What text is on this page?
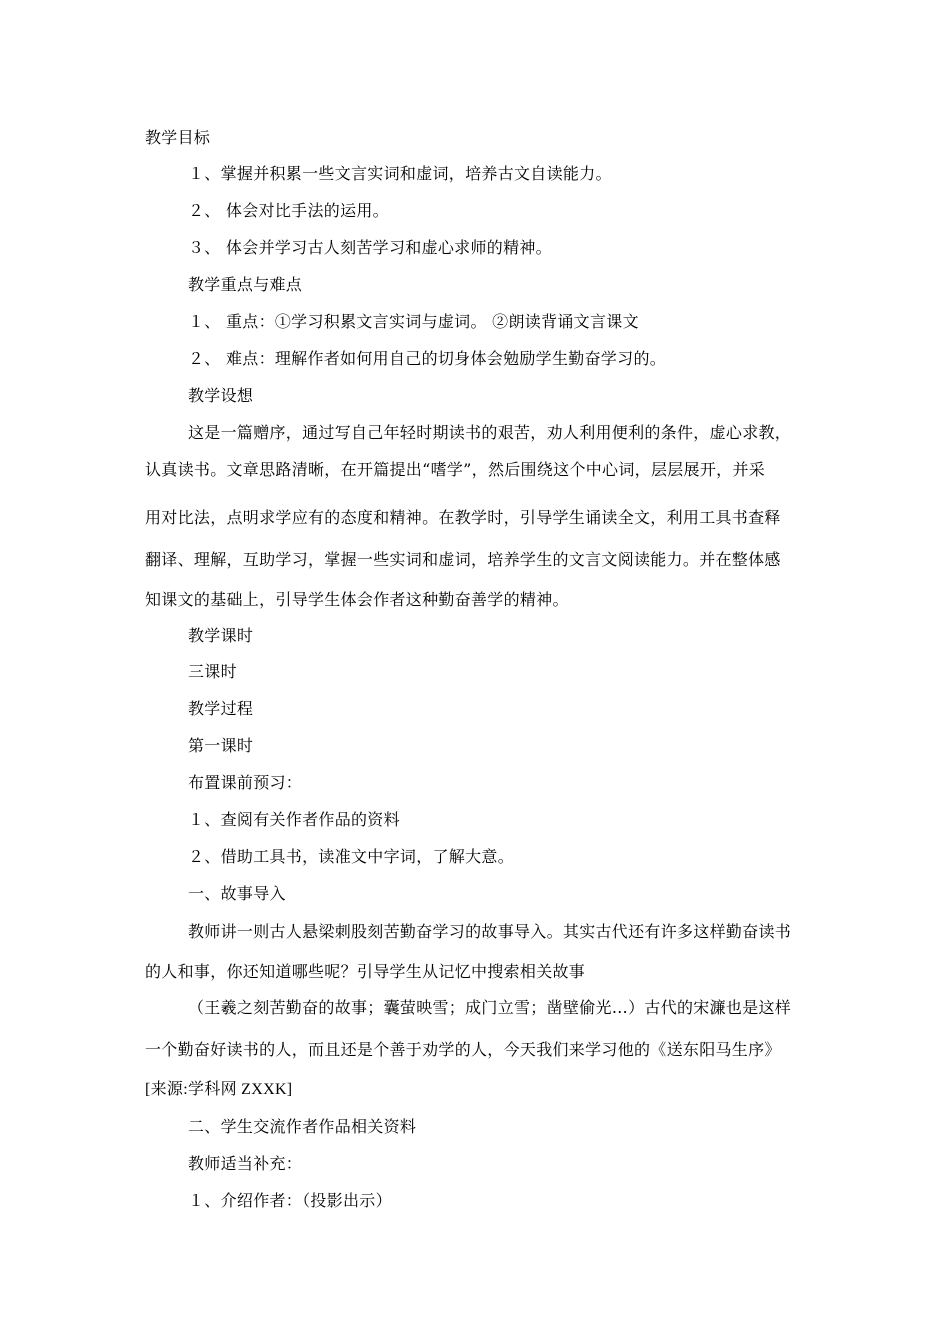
教学目标
１、掌握并积累一些文言实词和虚词，培养古文自读能力。
２、 体会对比手法的运用。
３、 体会并学习古人刻苦学习和虚心求师的精神。
教学重点与难点
１、 重点：①学习积累文言实词与虚词。 ②朗读背诵文言课文
２、 难点：理解作者如何用自己的切身体会勉励学生勤奋学习的。
教学设想
这是一篇赠序，通过写自己年轻时期读书的艰苦，劝人利用便利的条件，虚心求教，
认真读书。文章思路清晰，在开篇提出“嗜学”，然后围绕这个中心词，层层展开，并采
用对比法，点明求学应有的态度和精神。在教学时，引导学生诵读全文，利用工具书查释
翻译、理解，互助学习，掌握一些实词和虚词，培养学生的文言文阅读能力。并在整体感
知课文的基础上，引导学生体会作者这种勤奋善学的精神。
教学课时
三课时
教学过程
第一课时
布置课前预习：
１、查阅有关作者作品的资料
２、借助工具书，读准文中字词，了解大意。
一、故事导入
教师讲一则古人悬梁刺股刻苦勤奋学习的故事导入。其实古代还有许多这样勤奋读书
的人和事，你还知道哪些呢？引导学生从记忆中搜索相关故事
（王羲之刻苦勤奋的故事；囊萤映雪；成门立雪；凿壁偷光…）古代的宋濂也是这样
一个勤奋好读书的人，而且还是个善于劝学的人，今天我们来学习他的《送东阳马生序》
[来源:学科网 ZXXK]
二、学生交流作者作品相关资料
教师适当补充：
１、介绍作者：（投影出示）
